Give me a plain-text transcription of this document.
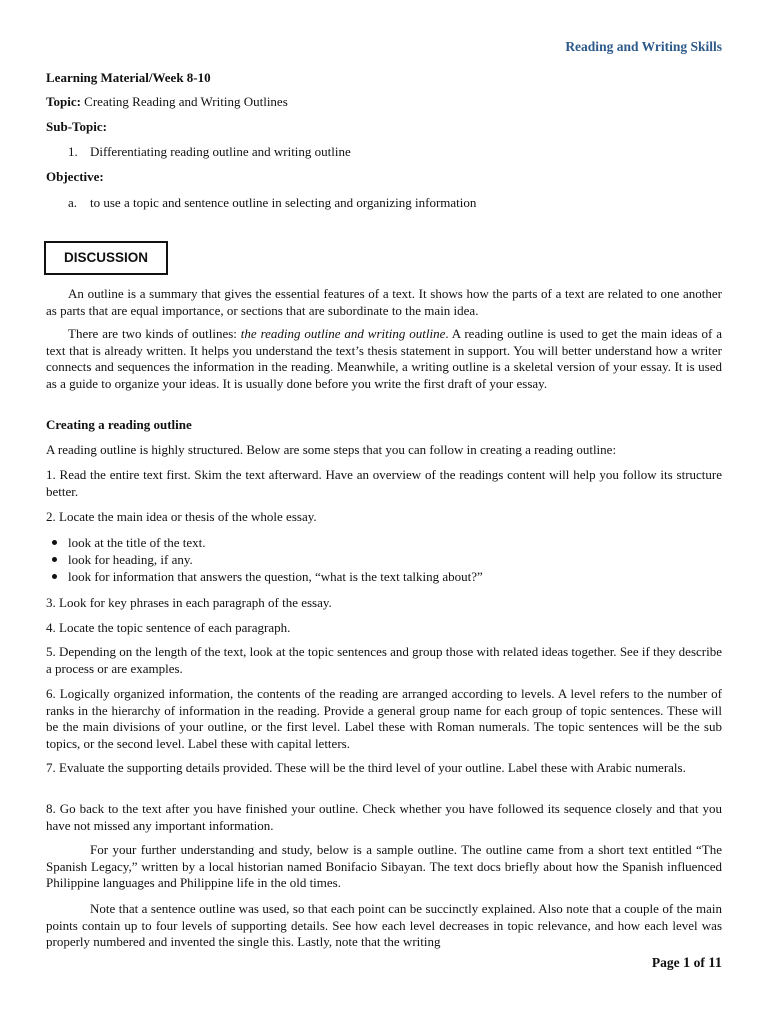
Reading and Writing Skills
Learning Material/Week 8-10
Topic: Creating Reading and Writing Outlines
Sub-Topic:
1. Differentiating reading outline and writing outline
Objective:
a. to use a topic and sentence outline in selecting and organizing information
DISCUSSION

An outline is a summary that gives the essential features of a text. It shows how the parts of a text are related to one another as parts that are equal importance, or sections that are subordinate to the main idea.

There are two kinds of outlines: the reading outline and writing outline. A reading outline is used to get the main ideas of a text that is already written. It helps you understand the text’s thesis statement in support. You will better understand how a writer connects and sequences the information in the reading. Meanwhile, a writing outline is a skeletal version of your essay. It is used as a guide to organize your ideas. It is usually done before you write the first draft of your essay.

Creating a reading outline

A reading outline is highly structured. Below are some steps that you can follow in creating a reading outline:

1. Read the entire text first. Skim the text afterward. Have an overview of the readings content will help you follow its structure better.

2. Locate the main idea or thesis of the whole essay.

look at the title of the text.
look for heading, if any.
look for information that answers the question, “what is the text talking about?”

3. Look for key phrases in each paragraph of the essay.

4. Locate the topic sentence of each paragraph.

5. Depending on the length of the text, look at the topic sentences and group those with related ideas together. See if they describe a process or are examples.

6. Logically organized information, the contents of the reading are arranged according to levels. A level refers to the number of ranks in the hierarchy of information in the reading. Provide a general group name for each group of topic sentences. These will be the main divisions of your outline, or the first level. Label these with Roman numerals. The topic sentences will be the sub topics, or the second level. Label these with capital letters.

7. Evaluate the supporting details provided. These will be the third level of your outline. Label these with Arabic numerals.

8. Go back to the text after you have finished your outline. Check whether you have followed its sequence closely and that you have not missed any important information.

For your further understanding and study, below is a sample outline. The outline came from a short text entitled “The Spanish Legacy,” written by a local historian named Bonifacio Sibayan. The text docs briefly about how the Spanish influenced Philippine languages and Philippine life in the old times.

Note that a sentence outline was used, so that each point can be succinctly explained. Also note that a couple of the main points contain up to four levels of supporting details. See how each level decreases in topic relevance, and how each level was properly numbered and invented the single this. Lastly, note that the writing

Page 1 of 11
